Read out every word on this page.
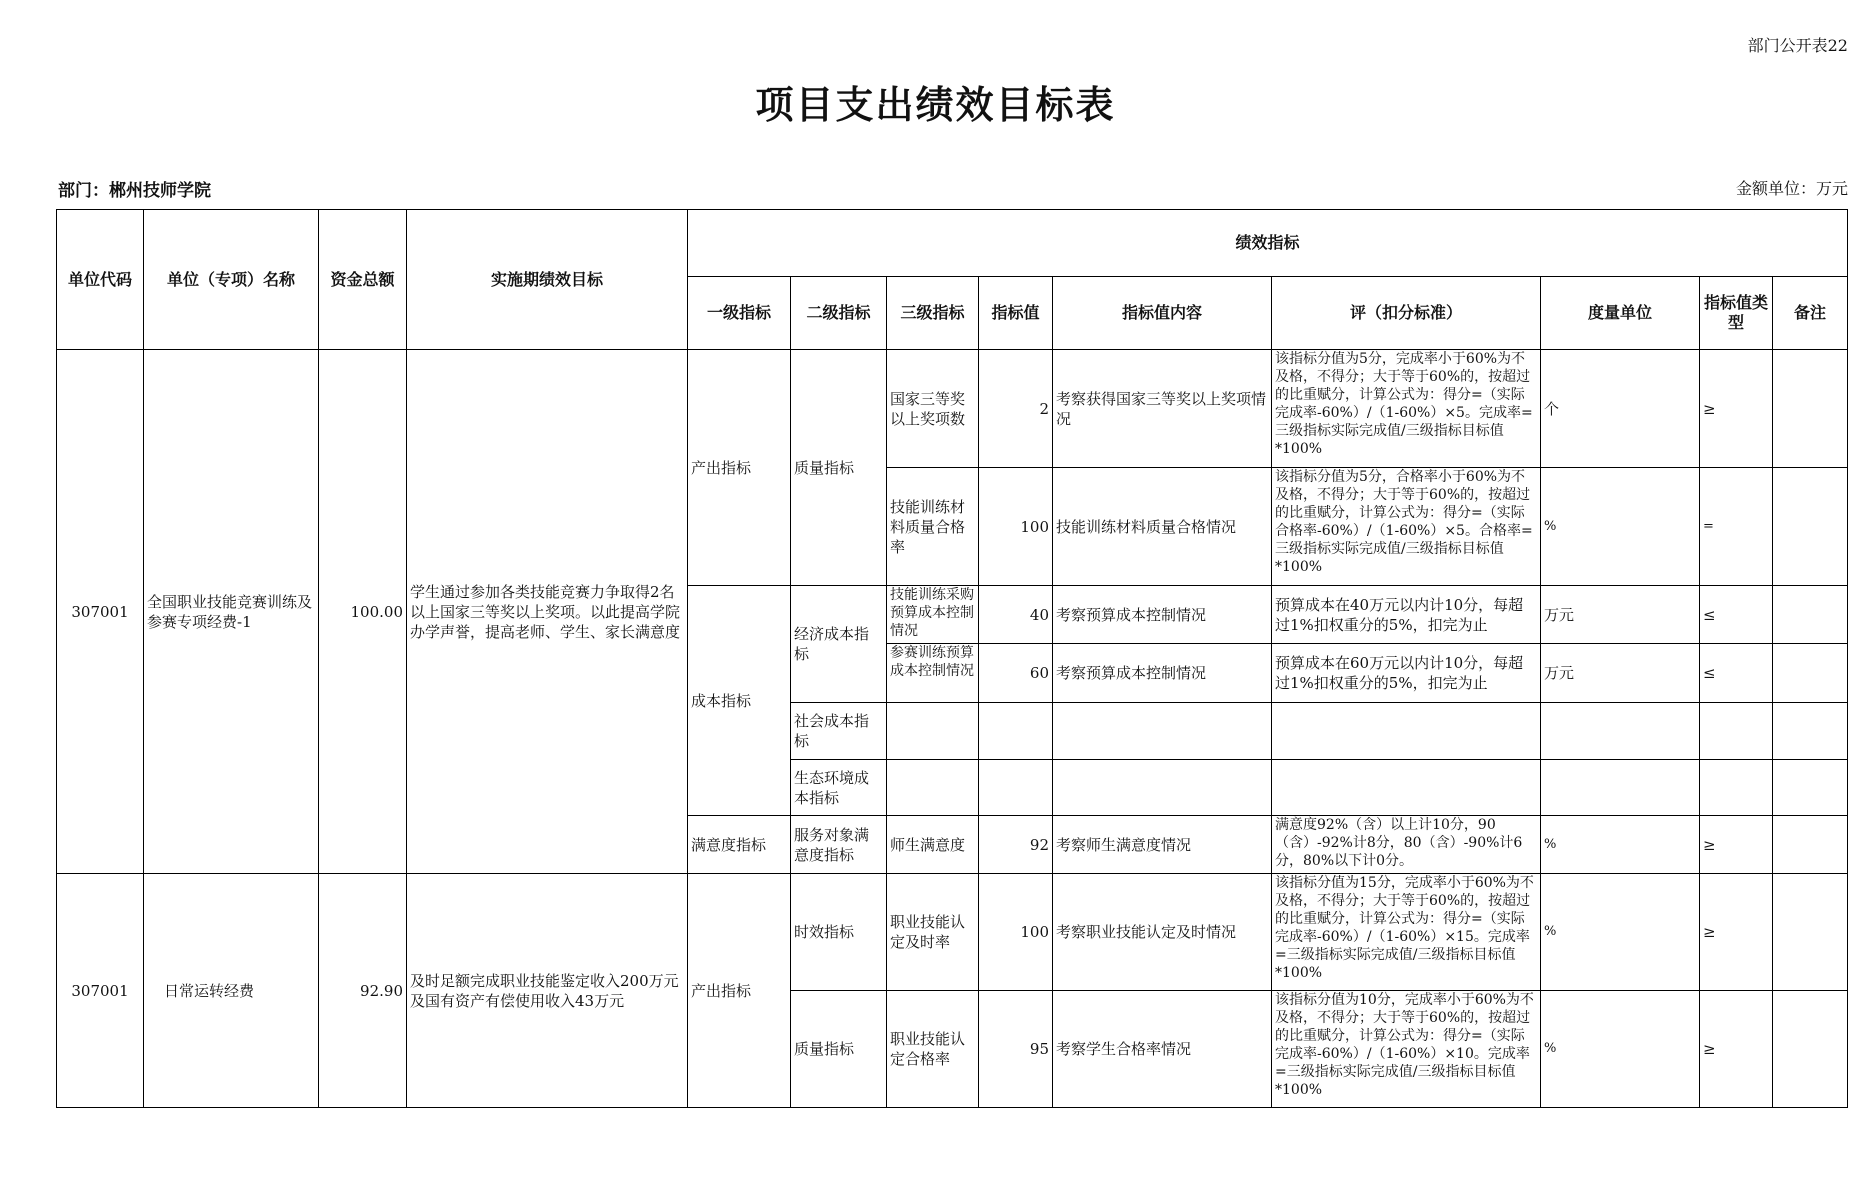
部门公开表22
项目支出绩效目标表
部门：郴州技师学院	金额单位：万元
单位代码	单位（专项）名称	资金总额	实施期绩效目标	绩效指标								
				一级指标	二级指标	三级指标	指标值	指标值内容	评（扣分标准）	度量单位	指标值类型	备注
307001	全国职业技能竞赛训练及参赛专项经费-1	100.00	学生通过参加各类技能竞赛力争取得2名以上国家三等奖以上奖项。以此提高学院办学声誉，提高老师、学生、家长满意度	产出指标	质量指标	国家三等奖以上奖项数	2	考察获得国家三等奖以上奖项情况	该指标分值为5分，完成率小于60%为不及格，不得分；大于等于60%的，按超过的比重赋分，计算公式为：得分=（实际完成率-60%）/（1-60%）×5。完成率=三级指标实际完成值/三级指标目标值*100%	个	≥	
						技能训练材料质量合格率	100	技能训练材料质量合格情况	该指标分值为5分，合格率小于60%为不及格，不得分；大于等于60%的，按超过的比重赋分，计算公式为：得分=（实际合格率-60%）/（1-60%）×5。合格率=三级指标实际完成值/三级指标目标值*100%	%	=	
				成本指标	经济成本指标	技能训练采购预算成本控制情况	40	考察预算成本控制情况	预算成本在40万元以内计10分，每超过1%扣权重分的5%，扣完为止	万元	≤	

						参赛训练预算成本控制情况	60	考察预算成本控制情况	预算成本在60万元以内计10分，每超过1%扣权重分的5%，扣完为止	万元	≤	
					社会成本指标							
					生态环境成本指标							
				满意度指标	服务对象满意度指标	师生满意度	92	考察师生满意度情况	满意度92%（含）以上计10分，90（含）-92%计8分，80（含）-90%计6分，80%以下计0分。	%	≥	
307001	日常运转经费	92.90	及时足额完成职业技能鉴定收入200万元及国有资产有偿使用收入43万元	产出指标	时效指标	职业技能认定及时率	100	考察职业技能认定及时情况	该指标分值为15分，完成率小于60%为不及格，不得分；大于等于60%的，按超过的比重赋分，计算公式为：得分=（实际完成率-60%）/（1-60%）×15。完成率=三级指标实际完成值/三级指标目标值*100%	%	≥	
					质量指标	职业技能认定合格率	95	考察学生合格率情况	该指标分值为10分，完成率小于60%为不及格，不得分；大于等于60%的，按超过的比重赋分，计算公式为：得分=（实际完成率-60%）/（1-60%）×10。完成率=三级指标实际完成值/三级指标目标值*100%	%	≥	
